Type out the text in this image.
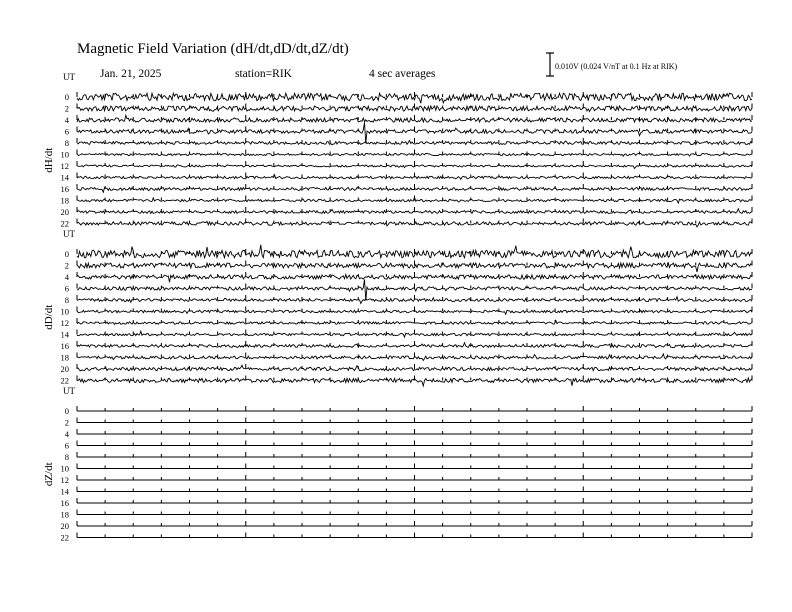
Magnetic Field Variation (dH/dt,dD/dt,dZ/dt)
Jan. 21, 2025	station=RIK	4 sec averages
0.010V (0.024 V/nT at 0.1 Hz at RIK)
UT
dH/dt
0
2
4
6
8
10
12
14
16
18
20
22
UT
dD/dt
0
2
4
6
8
10
12
14
16
18
20
22
UT
dZ/dt
0
2
4
6
8
10
12
14
16
18
20
22
